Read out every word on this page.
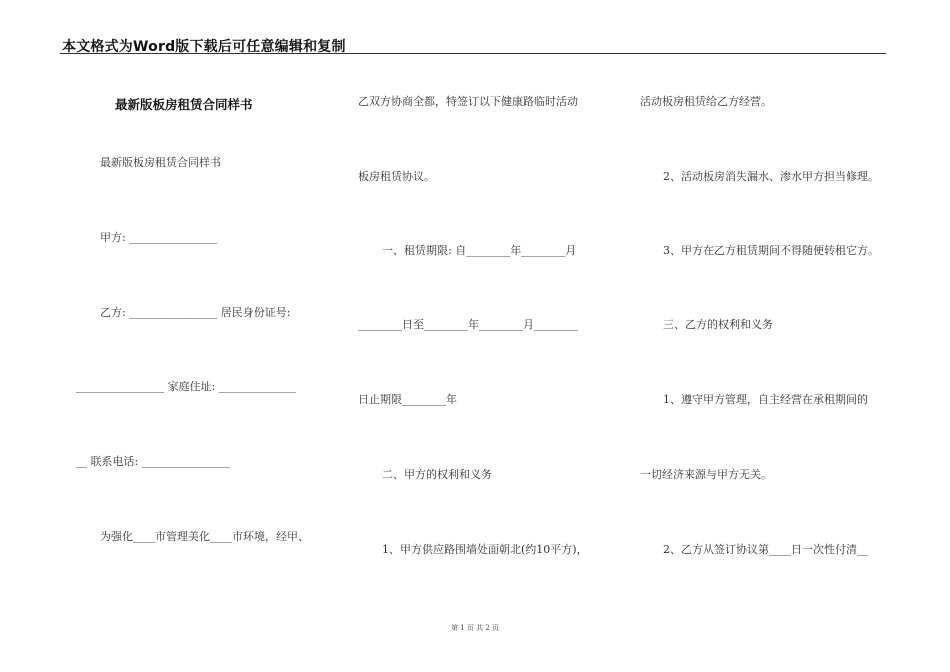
本文格式为Word版下载后可任意编辑和复制
最新版板房租赁合同样书
最新版板房租赁合同样书
甲方: ________________
乙方: ________________ 居民身份证号:
________________ 家庭住址: ______________
__ 联系电话: ________________
为强化____市管理美化____市环境，经甲、
乙双方协商全都，特签订以下健康路临时活动
板房租赁协议。
一、租赁期限: 自________年________月
________日至________年________月________
日止期限________年
二、甲方的权利和义务
1、甲方供应路围墙处面朝北(约10平方)，
活动板房租赁给乙方经营。
2、活动板房消失漏水、渗水甲方担当修理。
3、甲方在乙方租赁期间不得随便转租它方。
三、乙方的权利和义务
1、遵守甲方管理，自主经营在承租期间的
一切经济来源与甲方无关。
2、乙方从签订协议第____日一次性付清__
第 1 页 共 2 页
